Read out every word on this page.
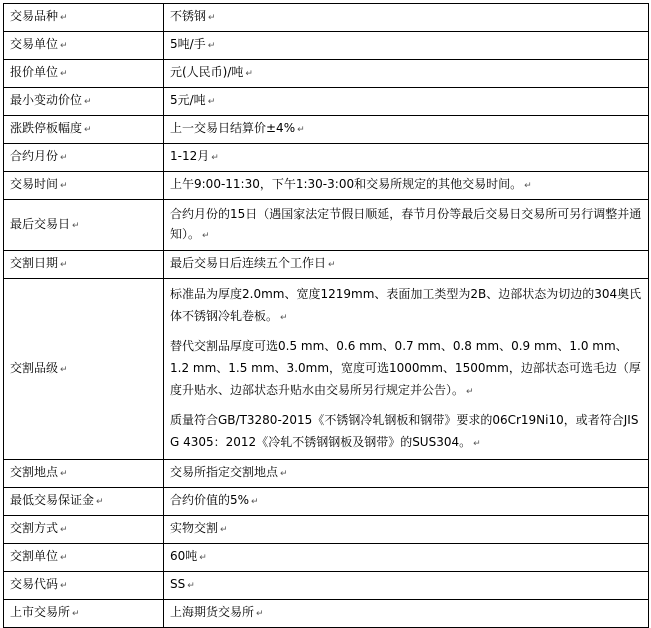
交易品种 ↵	不锈钢 ↵

交易单位 ↵	5吨/手 ↵

报价单位 ↵	元(人民币)/吨 ↵

最小变动价位 ↵	5元/吨 ↵

涨跌停板幅度 ↵	上一交易日结算价±4% ↵

合约月份 ↵	1-12月 ↵

交易时间 ↵	上午9:00-11:30，下午1:30-3:00和交易所规定的其他交易时间。 ↵

最后交易日 ↵	合约月份的15日（遇国家法定节假日顺延，春节月份等最后交易日交易所可另行调整并通知）。 ↵

交割日期 ↵	最后交易日后连续五个工作日 ↵

交割品级 ↵	标准品为厚度2.0mm、宽度1219mm、表面加工类型为2B、边部状态为切边的304奥氏体不锈钢冷轧卷板。 ↵
替代交割品厚度可选0.5 mm、0.6 mm、0.7 mm、0.8 mm、0.9 mm、1.0 mm、1.2 mm、1.5 mm、3.0mm，宽度可选1000mm、1500mm，边部状态可选毛边（厚度升贴水、边部状态升贴水由交易所另行规定并公告）。 ↵
质量符合GB/T3280-2015《不锈钢冷轧钢板和钢带》要求的06Cr19Ni10，或者符合JIS G 4305：2012《冷轧不锈钢钢板及钢带》的SUS304。 ↵

交割地点 ↵	交易所指定交割地点 ↵

最低交易保证金 ↵	合约价值的5% ↵

交割方式 ↵	实物交割 ↵

交割单位 ↵	60吨 ↵

交易代码 ↵	SS ↵

上市交易所 ↵	上海期货交易所 ↵
